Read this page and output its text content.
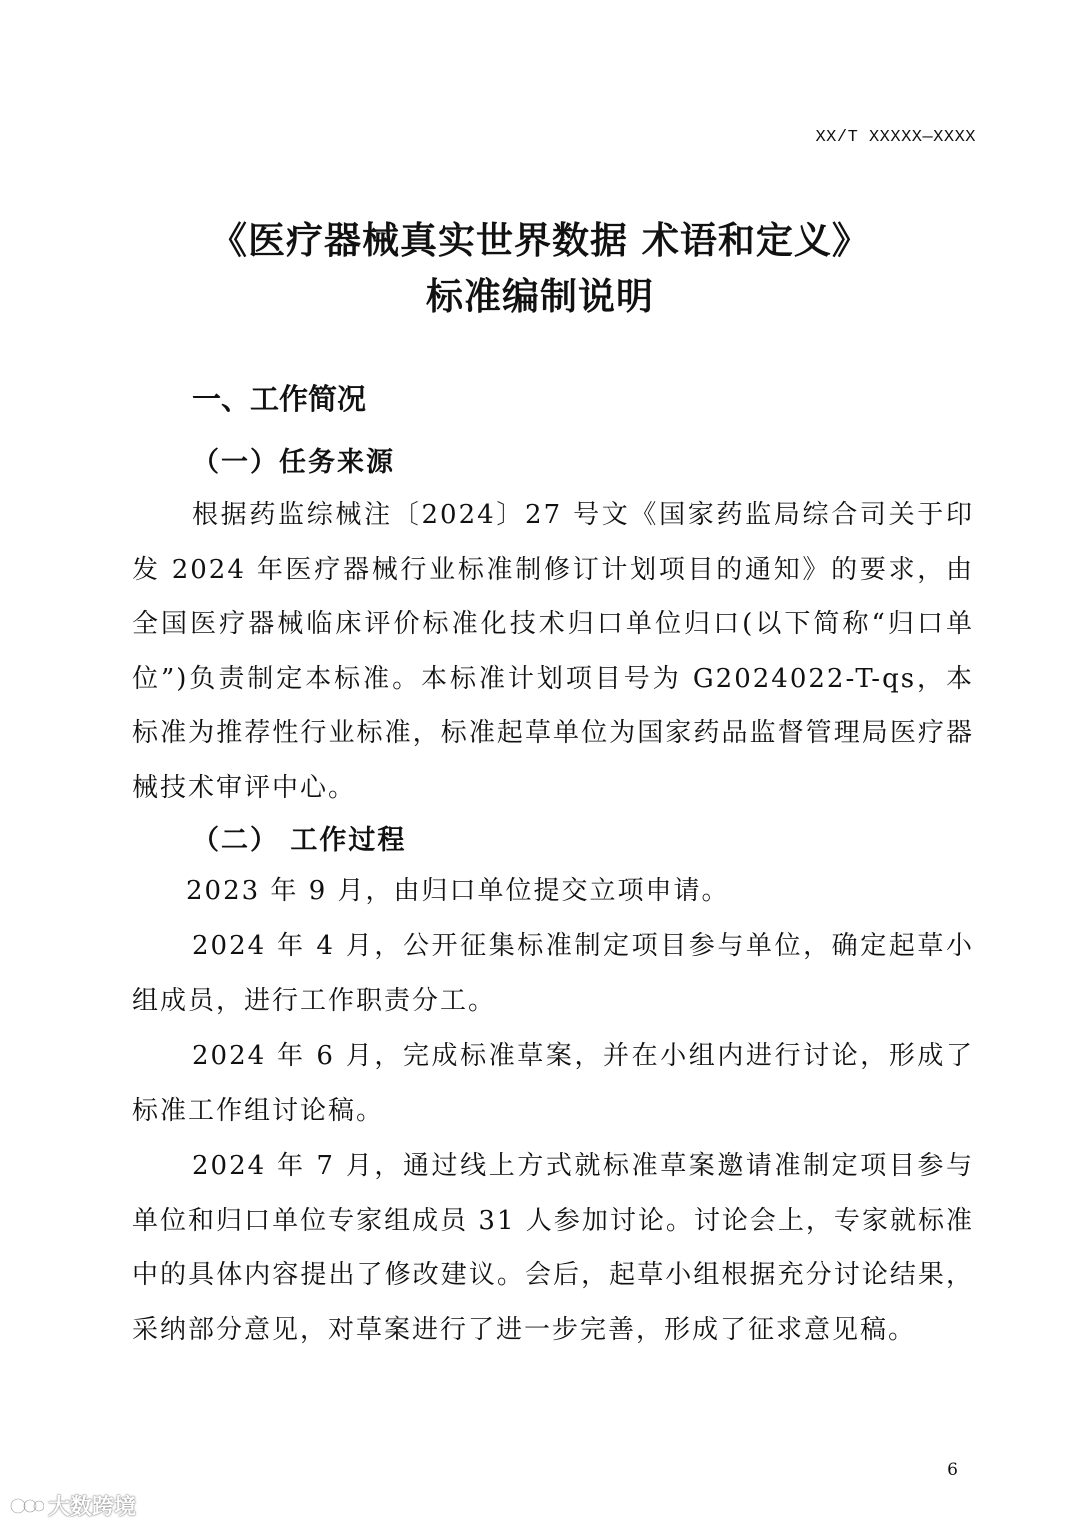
XX/T XXXXX—XXXX
《医疗器械真实世界数据 术语和定义》
标准编制说明
一、工作简况
（一）任务来源

根据药监综械注〔2024〕27 号文《国家药监局综合司关于印发 2024 年医疗器械行业标准制修订计划项目的通知》的要求，由全国医疗器械临床评价标准化技术归口单位归口(以下简称“归口单位”)负责制定本标准。本标准计划项目号为 G2024022-T-qs，本标准为推荐性行业标准，标准起草单位为国家药品监督管理局医疗器械技术审评中心。

（二） 工作过程

2023 年 9 月，由归口单位提交立项申请。

2024 年 4 月，公开征集标准制定项目参与单位，确定起草小组成员，进行工作职责分工。

2024 年 6 月，完成标准草案，并在小组内进行讨论，形成了标准工作组讨论稿。

2024 年 7 月，通过线上方式就标准草案邀请准制定项目参与单位和归口单位专家组成员 31 人参加讨论。讨论会上，专家就标准中的具体内容提出了修改建议。会后，起草小组根据充分讨论结果，采纳部分意见，对草案进行了进一步完善，形成了征求意见稿。

6
大数跨境
